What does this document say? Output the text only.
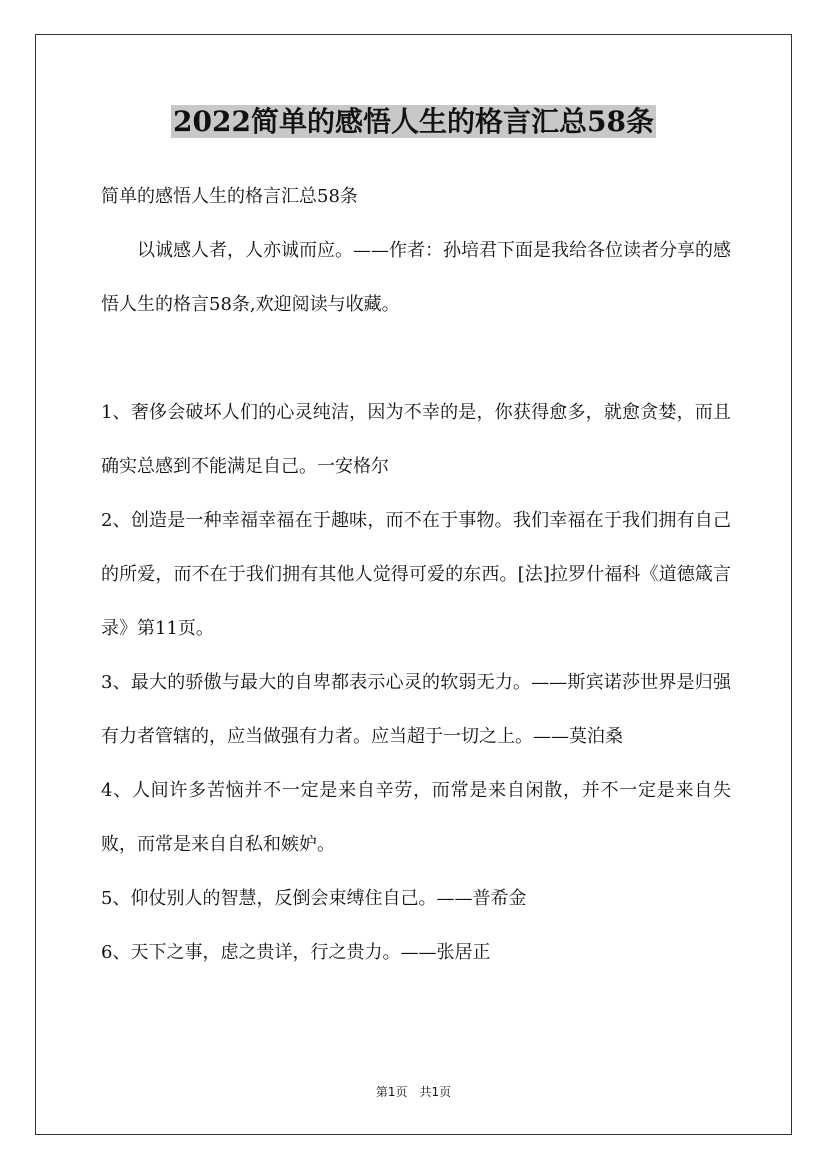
2022简单的感悟人生的格言汇总58条

简单的感悟人生的格言汇总58条

以诚感人者，人亦诚而应。——作者：孙培君下面是我给各位读者分享的感悟人生的格言58条,欢迎阅读与收藏。

1、奢侈会破坏人们的心灵纯洁，因为不幸的是，你获得愈多，就愈贪婪，而且确实总感到不能满足自己。一安格尔

2、创造是一种幸福幸福在于趣味，而不在于事物。我们幸福在于我们拥有自己的所爱，而不在于我们拥有其他人觉得可爱的东西。[法]拉罗什福科《道德箴言录》第11页。

3、最大的骄傲与最大的自卑都表示心灵的软弱无力。——斯宾诺莎世界是归强有力者管辖的，应当做强有力者。应当超于一切之上。——莫泊桑

4、人间许多苦恼并不一定是来自辛劳，而常是来自闲散，并不一定是来自失败，而常是来自自私和嫉妒。

5、仰仗别人的智慧，反倒会束缚住自己。——普希金

6、天下之事，虑之贵详，行之贵力。——张居正

第1页 共1页
